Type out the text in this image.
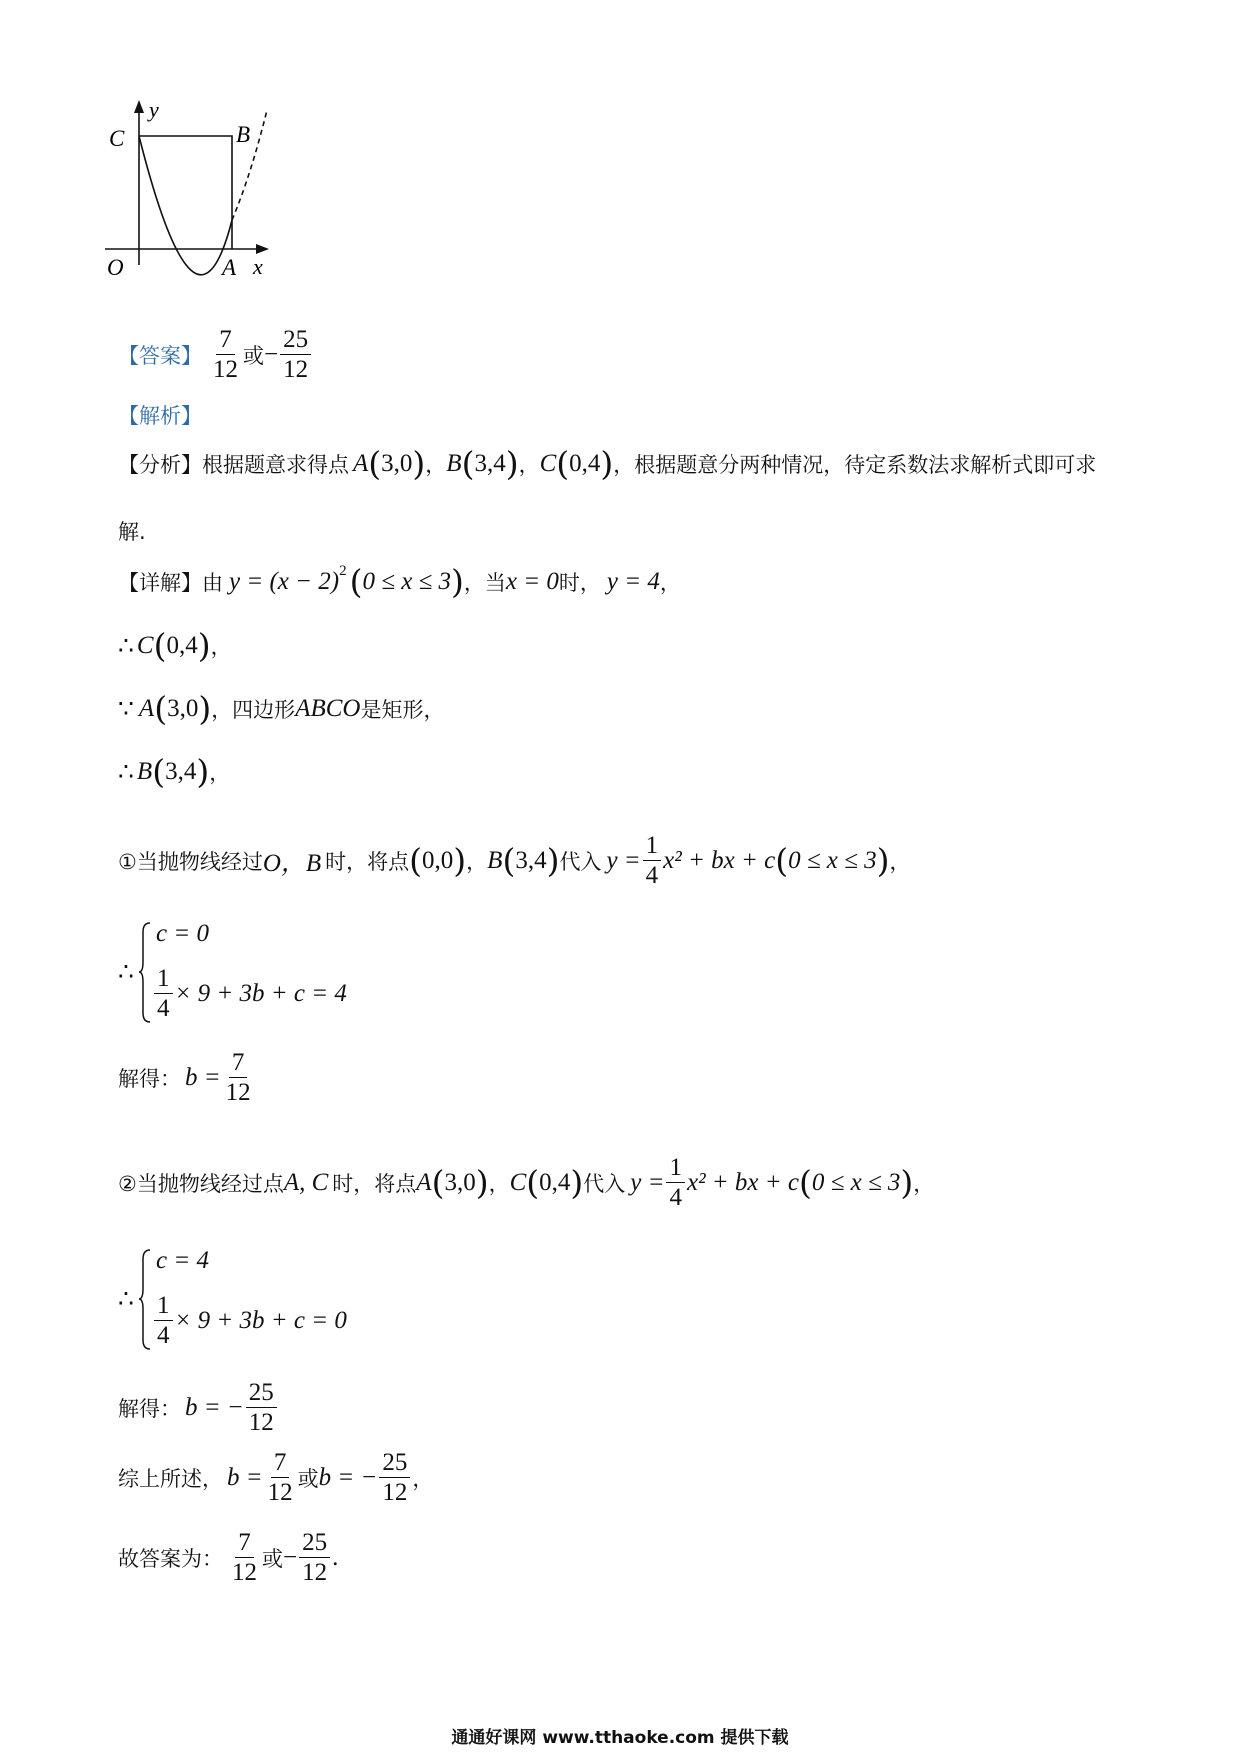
y
C	B
O	A x
【答案】 $\frac{7}{12}$ 或 − $\frac{25}{12}$
【解析】
【分析】 根据题意求得点 A ( 3,0 ) ， B ( 3,4 ) ， C ( 0,4 ) ，根据题意分两种情况，待定系数法求解析式即可求
解.
【详解】 由 y = (x − 2) 2 ( 0 ≤ x ≤ 3 ) ，当 x = 0 时， y = 4 ，
∴ C ( 0,4 ) ，
∵ A ( 3,0 ) ，四边形 ABCO 是矩形，
∴ B ( 3,4 ) ，
①当抛物线经过 O，B 时，将点 ( 0,0 ) ， B ( 3,4 ) 代入 $y = \frac{1}{4} x^2$ + bx + c ( 0 ≤ x ≤ 3 ) ，
∴
c = 0
$\frac{1}{4} \times 9 + 3b + c = 4$
解得： $b = \frac{7}{12}$
②当抛物线经过点 A, C 时，将点 A ( 3,0 ) ， C ( 0,4 ) 代入 $y = \frac{1}{4} x^2$ + bx + c ( 0 ≤ x ≤ 3 ) ，
∴
c = 4
$\frac{1}{4} \times 9 + 3b + c = 0$
解得： b = − $\frac{25}{12}$
综上所述， $b = \frac{7}{12}$ 或 b = − $\frac{25}{12}$ ，
故答案为： $\frac{7}{12}$ 或 − $\frac{25}{12}$ .
通通好课网 www.tthaoke.com 提供下载
